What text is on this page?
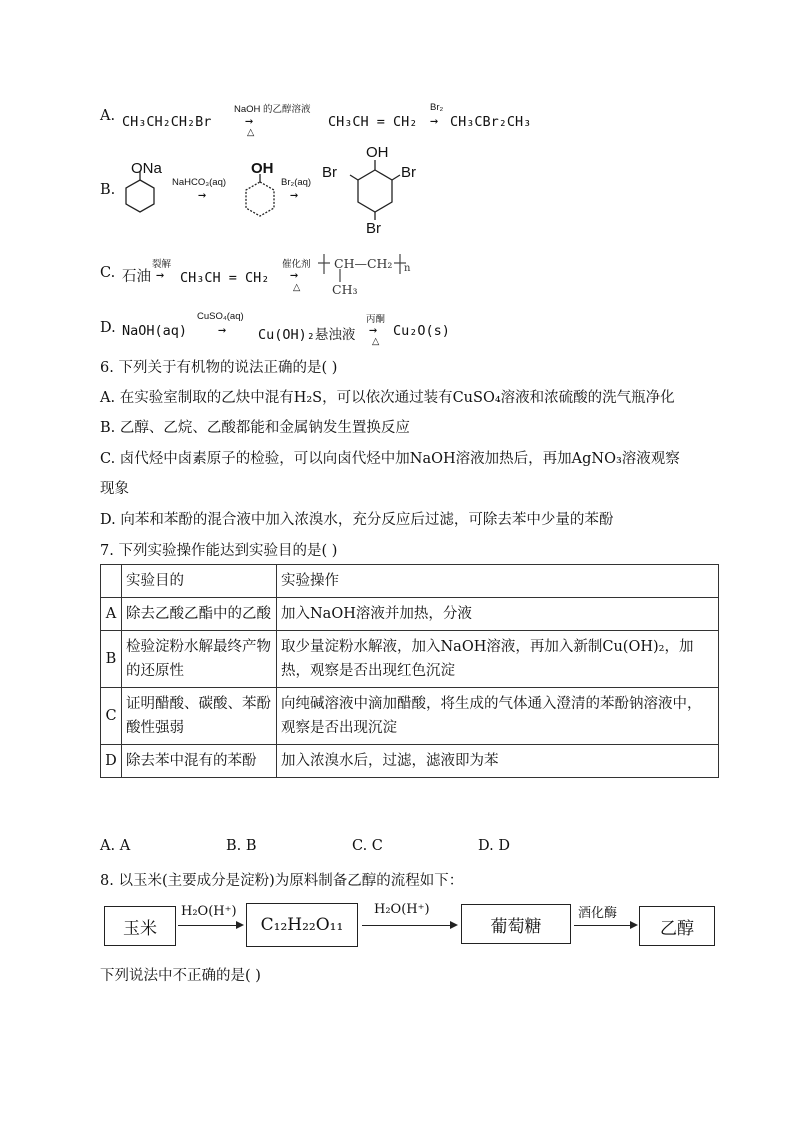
A. CH₃CH₂CH₂Br
NaOH 的乙醇溶液
→
△
CH₃CH = CH₂
Br₂
→ CH₃CBr₂CH₃
B.
ONa
NaHCO₃(aq)
→
OH
Br₂(aq)
→
OH
Br	Br
Br
C. 石油
裂解
→ CH₃CH = CH₂
催化剂
→
△
CH—CH₂ n
CH₃
D. NaOH(aq)
CuSO₄(aq)
→ Cu(OH)₂悬浊液
丙酮
→
△
Cu₂O(s)
6. 下列关于有机物的说法正确的是( )
A. 在实验室制取的乙炔中混有H₂S，可以依次通过装有CuSO₄溶液和浓硫酸的洗气瓶净化
B. 乙醇、乙烷、乙酸都能和金属钠发生置换反应
C. 卤代烃中卤素原子的检验，可以向卤代烃中加NaOH溶液加热后，再加AgNO₃溶液观察
现象
D. 向苯和苯酚的混合液中加入浓溴水，充分反应后过滤，可除去苯中少量的苯酚
7. 下列实验操作能达到实验目的是( )
	实验目的	实验操作
A	除去乙酸乙酯中的乙酸	加入NaOH溶液并加热，分液
B	检验淀粉水解最终产物的还原性	取少量淀粉水解液，加入NaOH溶液，再加入新制Cu(OH)₂，加热，观察是否出现红色沉淀
C	证明醋酸、碳酸、苯酚酸性强弱	向纯碱溶液中滴加醋酸，将生成的气体通入澄清的苯酚钠溶液中，观察是否出现沉淀
D	除去苯中混有的苯酚	加入浓溴水后，过滤，滤液即为苯
A. A	B. B	C. C	D. D
8. 以玉米(主要成分是淀粉)为原料制备乙醇的流程如下：
玉米
H₂O(H⁺)
C₁₂H₂₂O₁₁
H₂O(H⁺)
葡萄糖
酒化酶
乙醇
下列说法中不正确的是( )
